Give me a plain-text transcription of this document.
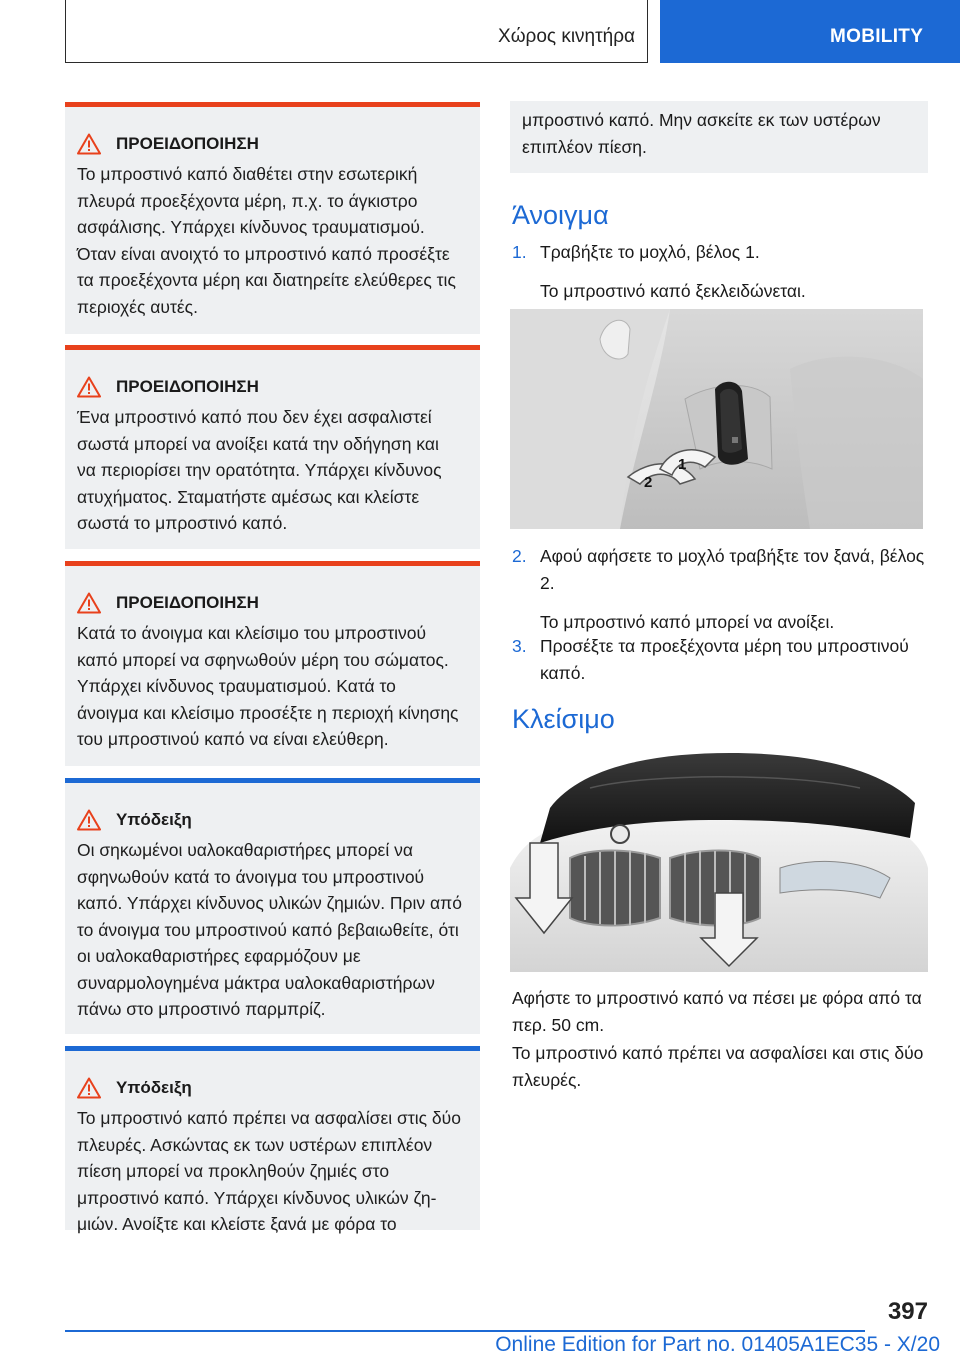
Χώρος κινητήρα	MOBILITY
ΠΡΟΕΙΔΟΠΟΙΗΣΗ

Το μπροστινό καπό διαθέτει στην εσωτερική πλευρά προεξέχοντα μέρη, π.χ. το άγκιστρο ασφάλισης. Υπάρχει κίνδυνος τραυματισμού. Όταν είναι ανοιχτό το μπροστινό καπό προσέξτε τα προεξέχοντα μέρη και διατηρείτε ελεύθερες τις περιοχές αυτές.

ΠΡΟΕΙΔΟΠΟΙΗΣΗ

Ένα μπροστινό καπό που δεν έχει ασφαλιστεί σωστά μπορεί να ανοίξει κατά την οδήγηση και να περιορίσει την ορατότητα. Υπάρχει κίνδυνος ατυχήματος. Σταματήστε αμέσως και κλείστε σωστά το μπροστινό καπό.

ΠΡΟΕΙΔΟΠΟΙΗΣΗ

Κατά το άνοιγμα και κλείσιμο του μπροστινού καπό μπορεί να σφηνωθούν μέρη του σώματος. Υπάρχει κίνδυνος τραυματισμού. Κατά το άνοιγμα και κλείσιμο προσέξτε η περιοχή κίνησης του μπροστινού καπό να είναι ελεύθερη.

Υπόδειξη

Οι σηκωμένοι υαλοκαθαριστήρες μπορεί να σφηνωθούν κατά το άνοιγμα του μπροστινού καπό. Υπάρχει κίνδυνος υλικών ζημιών. Πριν από το άνοιγμα του μπροστινού καπό βεβαιωθείτε, ότι οι υαλοκαθαριστήρες εφαρμόζουν με συναρμολογημένα μάκτρα υαλοκαθαριστήρων πάνω στο μπροστινό παρμπρίζ.

Υπόδειξη

Το μπροστινό καπό πρέπει να ασφαλίσει στις δύο πλευρές. Ασκώντας εκ των υστέρων επιπλέον πίεση μπορεί να προκληθούν ζημιές στο μπροστινό καπό. Υπάρχει κίνδυνος υλικών ζημιών. Ανοίξτε και κλείστε ξανά με φόρα το

μπροστινό καπό. Μην ασκείτε εκ των υστέρων επιπλέον πίεση.
Άνοιγμα
1. Τραβήξτε το μοχλό, βέλος 1.
Το μπροστινό καπό ξεκλειδώνεται.
2
1
2. Αφού αφήσετε το μοχλό τραβήξτε τον ξανά, βέλος 2.
Το μπροστινό καπό μπορεί να ανοίξει.
3. Προσέξτε τα προεξέχοντα μέρη του μπροστινού καπό.
Κλείσιμο

Αφήστε το μπροστινό καπό να πέσει με φόρα από τα περ. 50 cm.

Το μπροστινό καπό πρέπει να ασφαλίσει και στις δύο πλευρές.

397
Online Edition for Part no. 01405A1EC35 - X/20
